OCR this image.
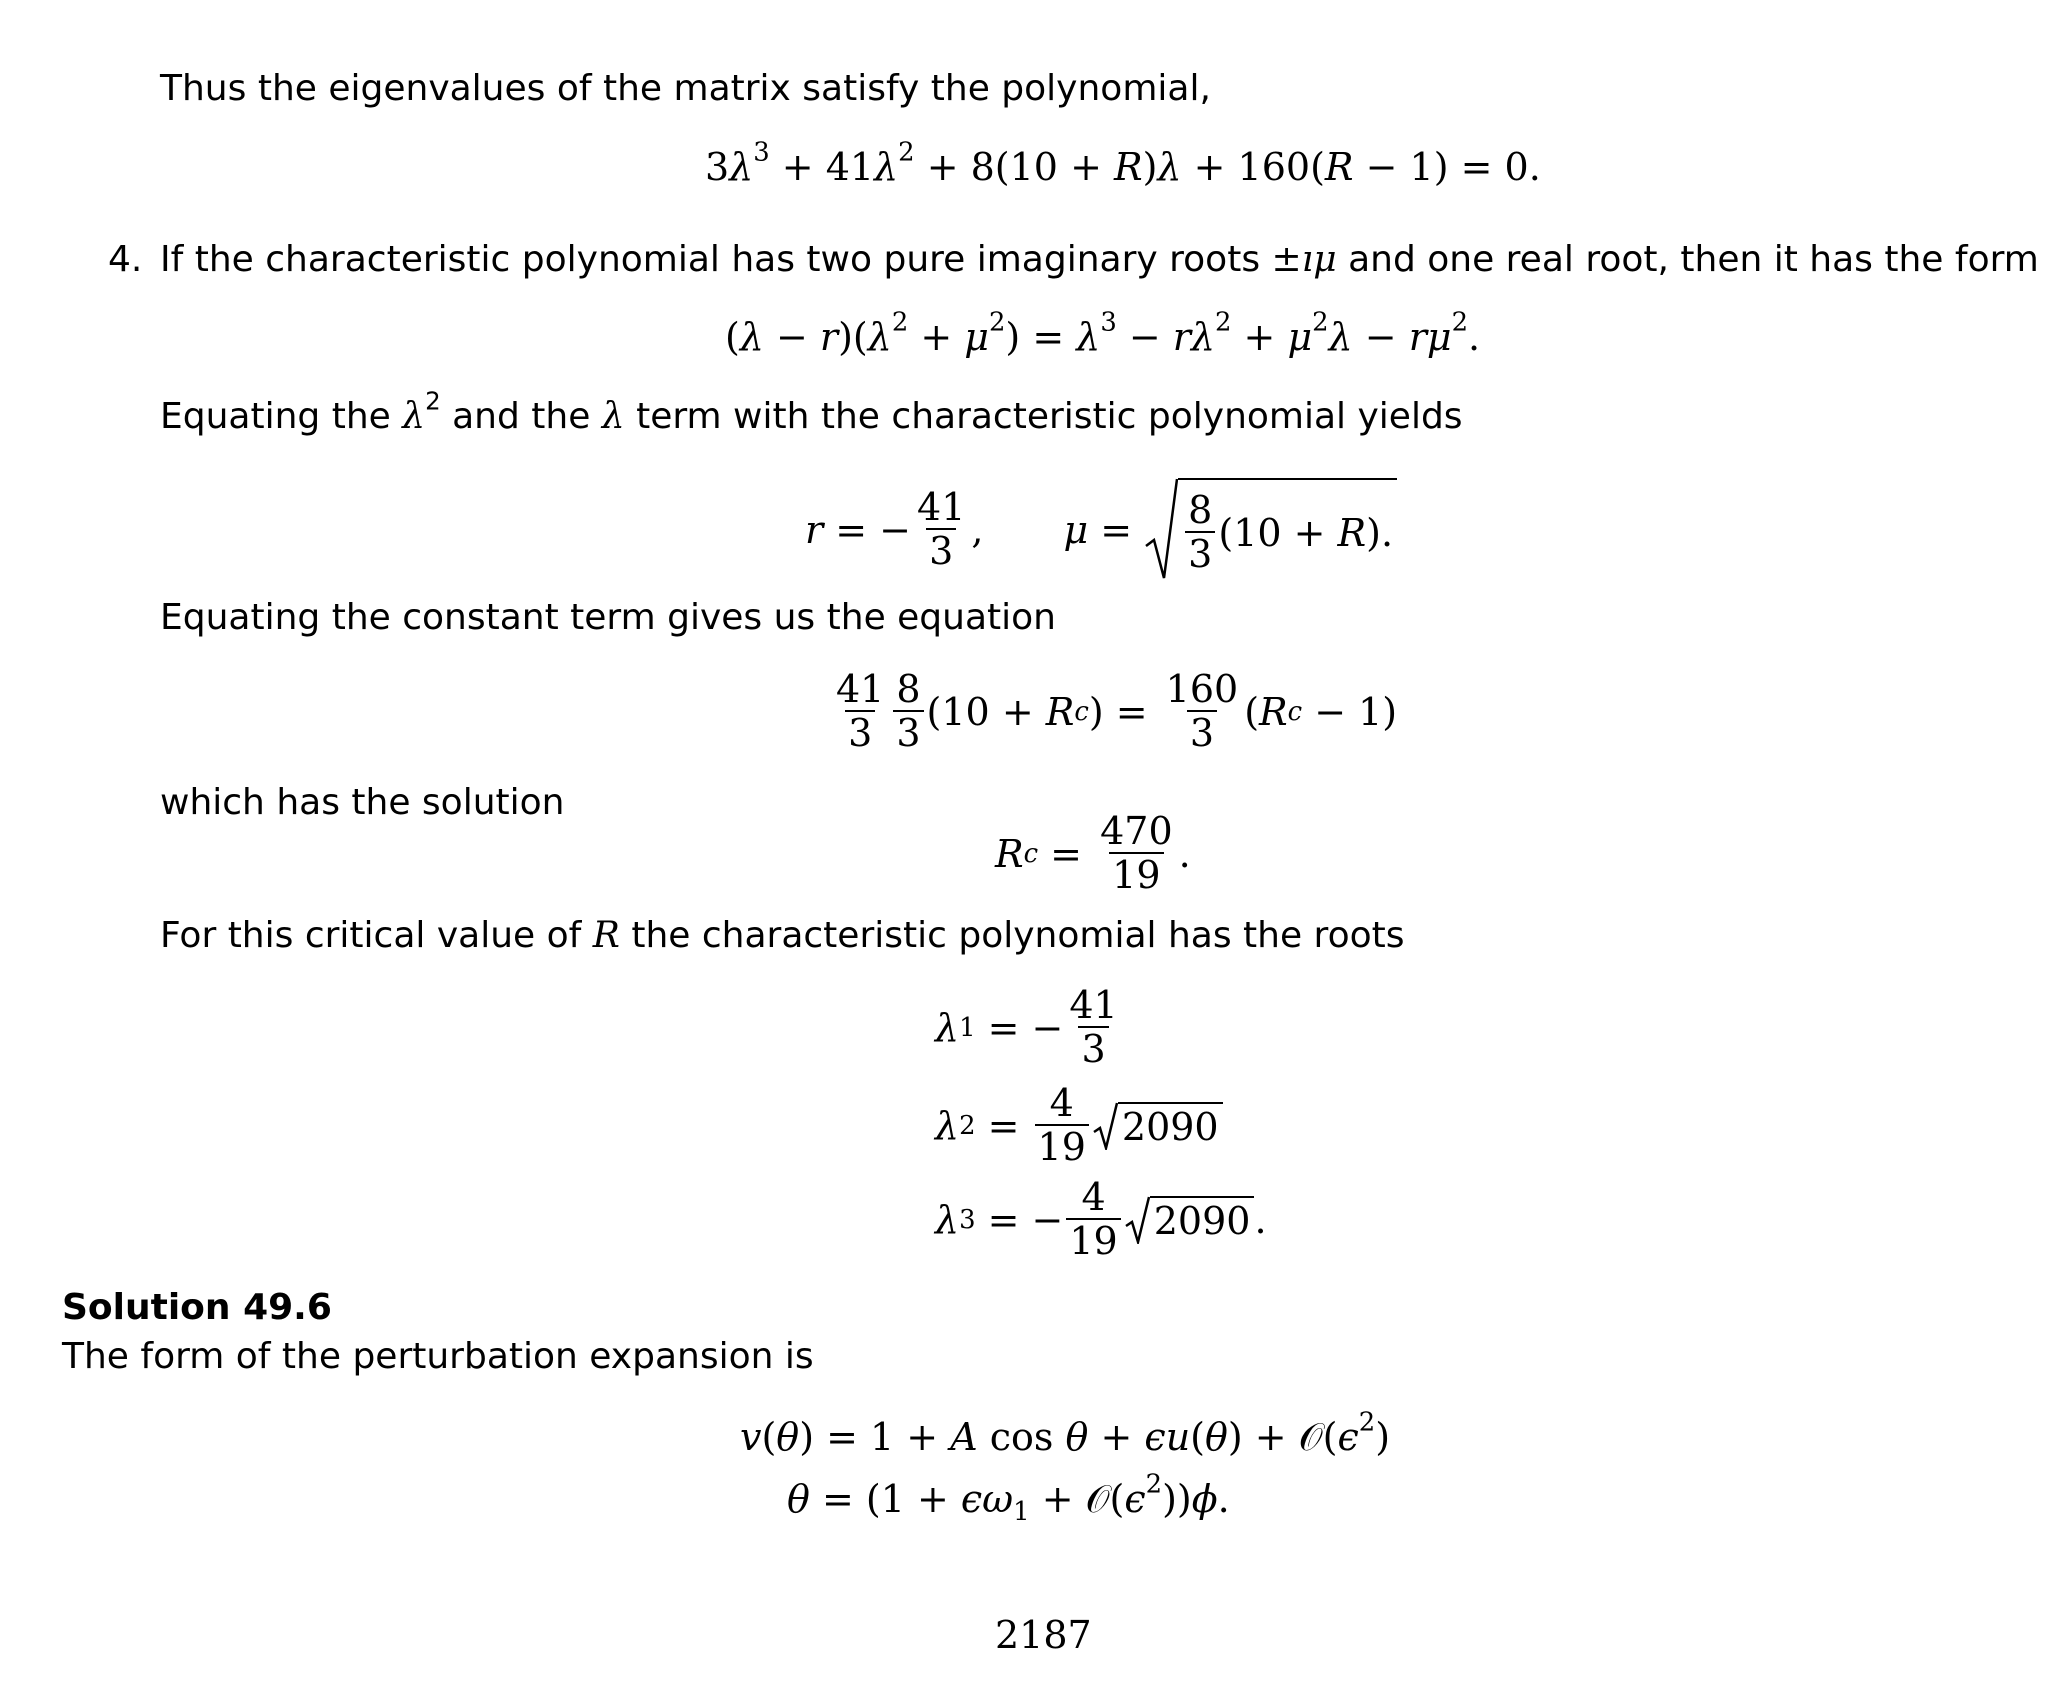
Thus the eigenvalues of the matrix satisfy the polynomial,
$3\lambda^3 + 41\lambda^2 + 8(10 + R)\lambda + 160(R - 1) = 0$.
4. If the characteristic polynomial has two pure imaginary roots ±ıμ and one real root, then it has the form
$(\lambda - r)(\lambda^2 + \mu^2) = \lambda^3 - r\lambda^2 + \mu^2\lambda - r\mu^2$.
Equating the $\lambda^2$ and the λ term with the characteristic polynomial yields
r = − $\frac{41}{3}$ , $\mu = \frac{8}{3}$ ( 10 + R ).
Equating the constant term gives us the equation
$\frac{41}{3} \frac{8}{3}$ ( 10 + R c ) = $\frac{160}{3}$ ( R c − 1 )
which has the solution
R $c = \frac{470}{19}$ .
For this critical value of R the characteristic polynomial has the roots
λ 1 = − $\frac{41}{3}$
λ $2 = \frac{4}{19} 2090$
λ 3 = − $\frac{4}{19} 2090$ .
Solution 49.6
The form of the perturbation expansion is
v(θ) = 1 + A $\cos \theta + \epsilon u(\theta) + 𝒪(\epsilon^2)$
$\theta = (1 + \epsilon\omega_1$ + $𝒪(\epsilon^2))\phi$.
2187
